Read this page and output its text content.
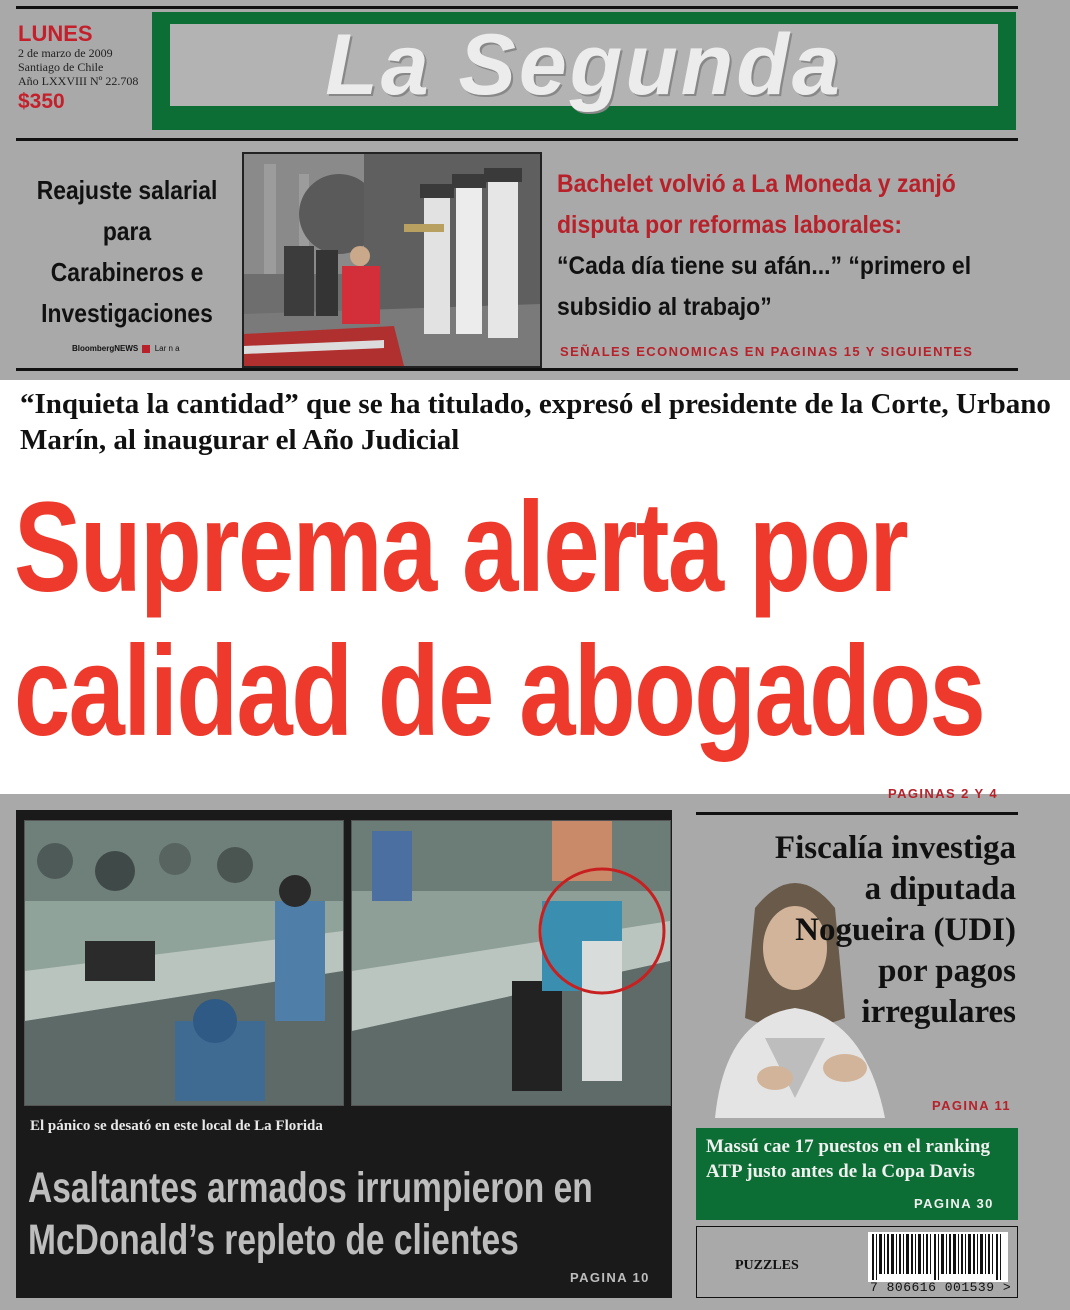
LUNES
2 de marzo de 2009
Santiago de Chile
Año LXXVIII Nº 22.708
$350	La Segunda
Reajuste salarial para Carabineros e Investigaciones
BloombergNEWS Lar n a
Bachelet volvió a La Moneda y zanjó disputa por reformas laborales:
“Cada día tiene su afán...” “primero el subsidio al trabajo”
SEÑALES ECONOMICAS EN PAGINAS 15 Y SIGUIENTES
“Inquieta la cantidad” que se ha titulado, expresó el presidente de la Corte, Urbano Marín, al inaugurar el Año Judicial
Suprema alerta por
calidad de abogados
PAGINAS 2 Y 4
El pánico se desató en este local de La Florida
Asaltantes armados irrumpieron en
McDonald’s repleto de clientes
PAGINA 10
Fiscalía investiga a diputada Nogueira (UDI) por pagos irregulares
PAGINA 11
Massú cae 17 puestos en el ranking ATP justo antes de la Copa Davis
PAGINA 30
PUZZLES
7 806616 001539 >
